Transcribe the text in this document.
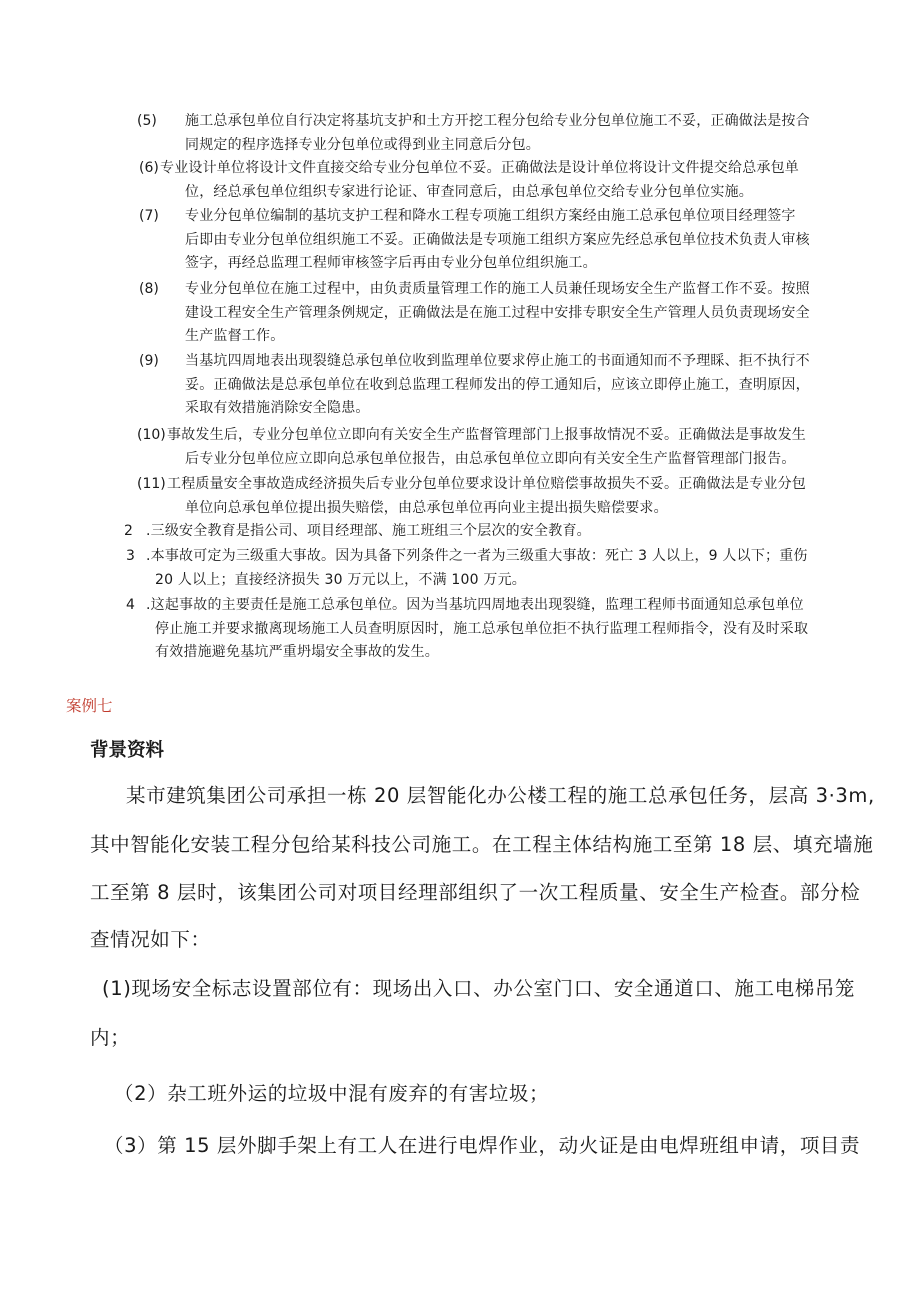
(5) 施工总承包单位自行决定将基坑支护和土方开挖工程分包给专业分包单位施工不妥，正确做法是按合
同规定的程序选择专业分包单位或得到业主同意后分包。
(6) 专业设计单位将设计文件直接交给专业分包单位不妥。正确做法是设计单位将设计文件提交给总承包单
位，经总承包单位组织专家进行论证、审查同意后，由总承包单位交给专业分包单位实施。
(7) 专业分包单位编制的基坑支护工程和降水工程专项施工组织方案经由施工总承包单位项目经理签字
后即由专业分包单位组织施工不妥。正确做法是专项施工组织方案应先经总承包单位技术负责人审核
签字，再经总监理工程师审核签字后再由专业分包单位组织施工。
(8) 专业分包单位在施工过程中，由负责质量管理工作的施工人员兼任现场安全生产监督工作不妥。按照
建设工程安全生产管理条例规定，正确做法是在施工过程中安排专职安全生产管理人员负责现场安全
生产监督工作。
(9) 当基坑四周地表出现裂缝总承包单位收到监理单位要求停止施工的书面通知而不予理睬、拒不执行不
妥。正确做法是总承包单位在收到总监理工程师发出的停工通知后，应该立即停止施工，查明原因，
采取有效措施消除安全隐患。
(10) 事故发生后，专业分包单位立即向有关安全生产监督管理部门上报事故情况不妥。正确做法是事故发生
后专业分包单位应立即向总承包单位报告，由总承包单位立即向有关安全生产监督管理部门报告。
(11) 工程质量安全事故造成经济损失后专业分包单位要求设计单位赔偿事故损失不妥。正确做法是专业分包
单位向总承包单位提出损失赔偿，由总承包单位再向业主提出损失赔偿要求。
2 .三级安全教育是指公司、项目经理部、施工班组三个层次的安全教育。
3 .本事故可定为三级重大事故。因为具备下列条件之一者为三级重大事故：死亡 3 人以上，9 人以下；重伤
20 人以上；直接经济损失 30 万元以上，不满 100 万元。
4 .这起事故的主要责任是施工总承包单位。因为当基坑四周地表出现裂缝，监理工程师书面通知总承包单位
停止施工并要求撤离现场施工人员查明原因时，施工总承包单位拒不执行监理工程师指令，没有及时采取
有效措施避免基坑严重坍塌安全事故的发生。
案例七
背景资料
某市建筑集团公司承担一栋 20 层智能化办公楼工程的施工总承包任务，层高 3·3m,
其中智能化安装工程分包给某科技公司施工。在工程主体结构施工至第 18 层、填充墙施
工至第 8 层时，该集团公司对项目经理部组织了一次工程质量、安全生产检查。部分检
查情况如下：
(1)现场安全标志设置部位有：现场出入口、办公室门口、安全通道口、施工电梯吊笼
内；
（2）杂工班外运的垃圾中混有废弃的有害垃圾；
（3）第 15 层外脚手架上有工人在进行电焊作业，动火证是由电焊班组申请，项目责
